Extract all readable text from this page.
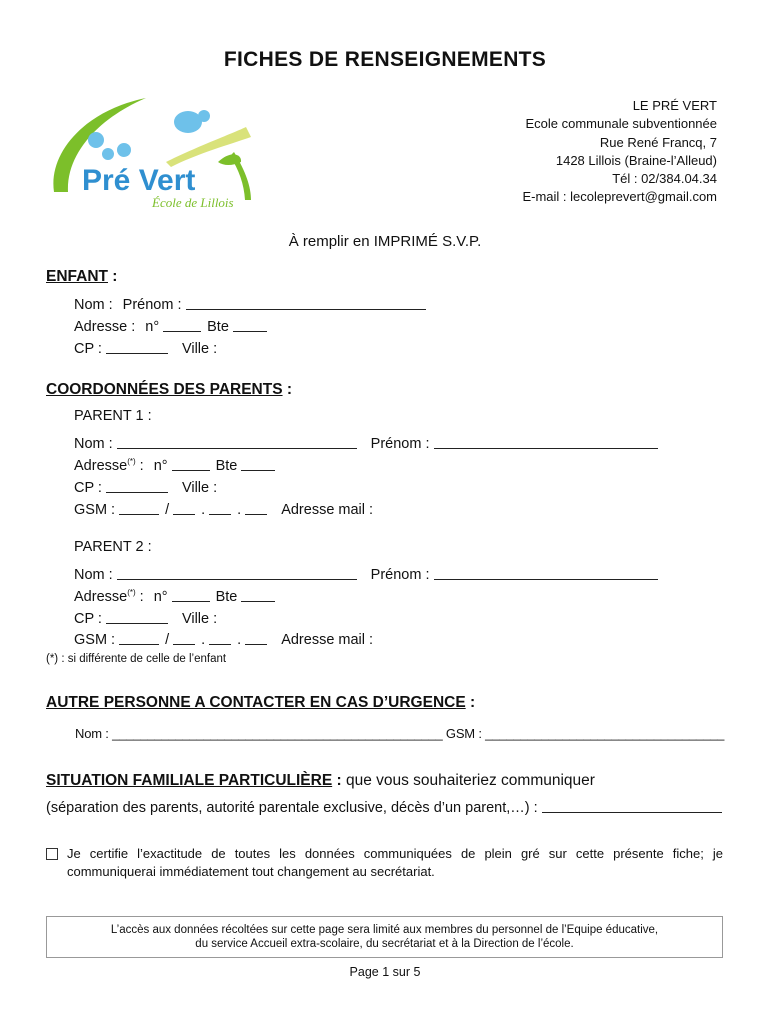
FICHES DE RENSEIGNEMENTS
Pré Vert
École de Lillois
LE PRÉ VERT
Ecole communale subventionnée
Rue René Francq, 7
1428 Lillois (Braine-l’Alleud)
Tél : 02/384.04.34
E-mail : lecoleprevert@gmail.com
À remplir en IMPRIMÉ S.V.P.
ENFANT :
Nom : Prénom :
Adresse : n°	Bte
CP :	Ville :
COORDONNÉES DES PARENTS :
PARENT 1 :
Nom :	Prénom :
Adresse(*) : n°	Bte
CP :	Ville :
GSM :	/ . .	Adresse mail :
PARENT 2 :
Nom :	Prénom :
Adresse(*) : n°	Bte
CP :	Ville :
GSM :	/ . .	Adresse mail :
(*) : si différente de celle de l’enfant
AUTRE PERSONNE A CONTACTER EN CAS D’URGENCE :
Nom : _______________________________________________ GSM : __________________________________
SITUATION FAMILIALE PARTICULIÈRE : que vous souhaiteriez communiquer
(séparation des parents, autorité parentale exclusive, décès d’un parent,…) :
Je certifie l’exactitude de toutes les données communiquées de plein gré sur cette présente fiche; je communiquerai immédiatement tout changement au secrétariat.
L’accès aux données récoltées sur cette page sera limité aux membres du personnel de l’Equipe éducative,
du service Accueil extra-scolaire, du secrétariat et à la Direction de l’école.
Page 1 sur 5
